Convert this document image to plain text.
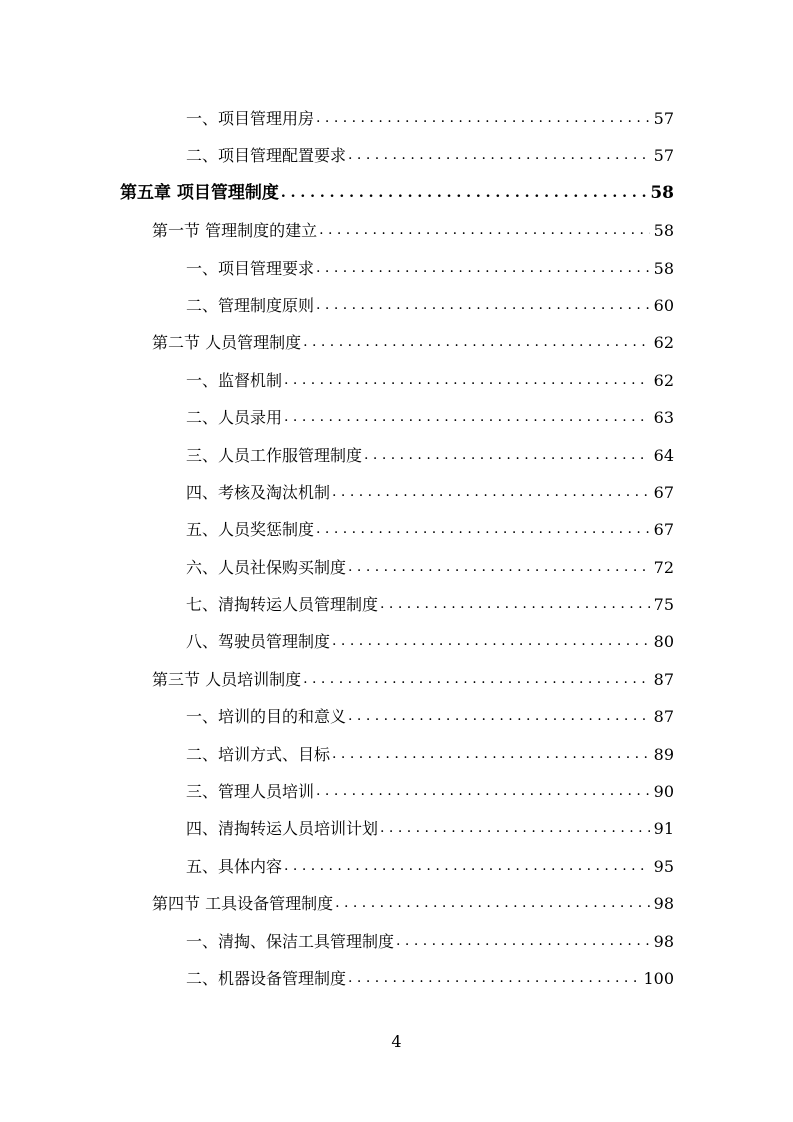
一、项目管理用房 . . .	57
二、项目管理配置要求 . . .	57
第五章 项目管理制度 . . .	58
第一节 管理制度的建立 . . .	58
一、项目管理要求 . . .	58
二、管理制度原则 . . .	60
第二节 人员管理制度 . . .	62
一、监督机制 . . .	62
二、人员录用 . . .	63
三、人员工作服管理制度 . . .	64
四、考核及淘汰机制 . . .	67
五、人员奖惩制度 . . .	67
六、人员社保购买制度 . . .	72
七、清掏转运人员管理制度 . . .	75
八、驾驶员管理制度 . . .	80
第三节 人员培训制度 . . .	87
一、培训的目的和意义 . . .	87
二、培训方式、目标 . . .	89
三、管理人员培训 . . .	90
四、清掏转运人员培训计划 . . .	91
五、具体内容 . . .	95
第四节 工具设备管理制度 . . .	98
一、清掏、保洁工具管理制度 . . .	98
二、机器设备管理制度 . . .	100
4
